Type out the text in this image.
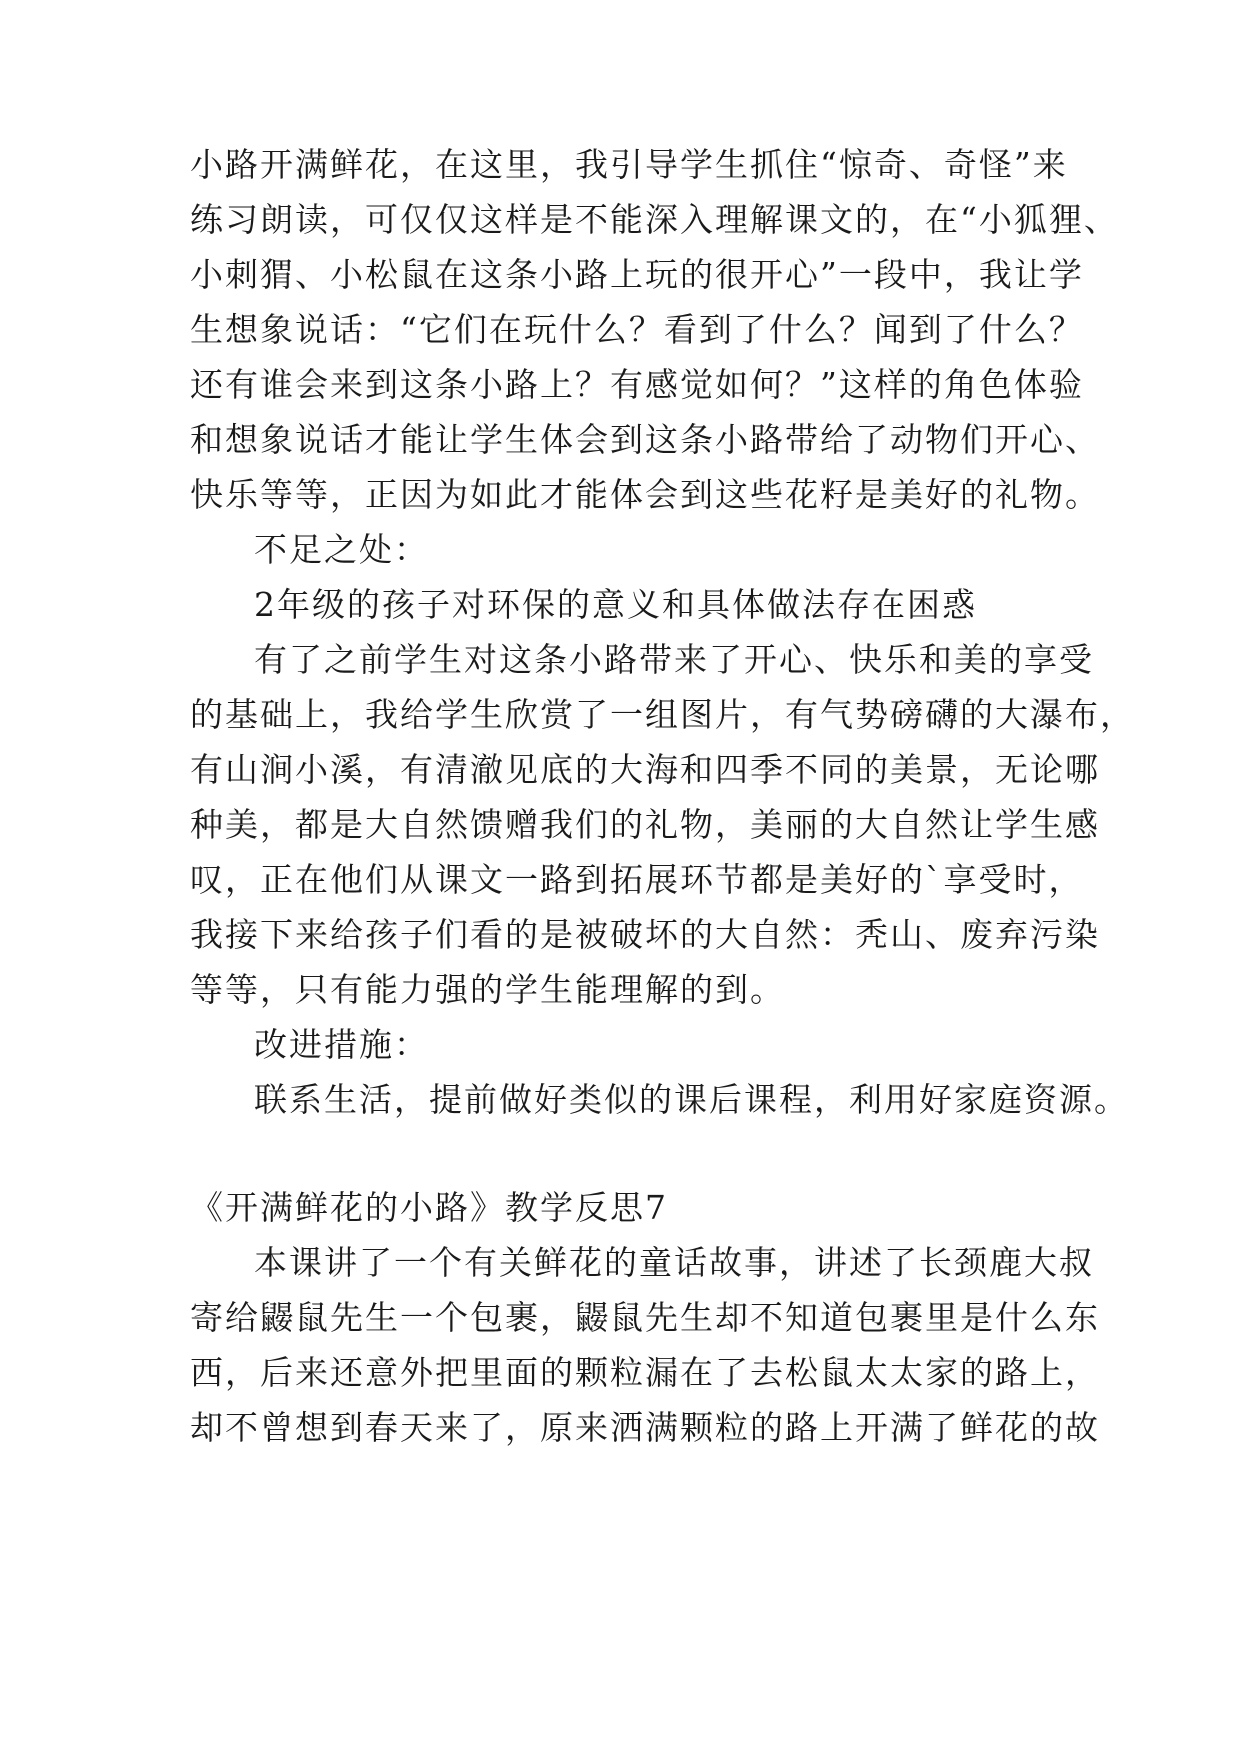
小路开满鲜花，在这里，我引导学生抓住“惊奇、奇怪”来

练习朗读，可仅仅这样是不能深入理解课文的，在“小狐狸、

小刺猬、小松鼠在这条小路上玩的很开心”一段中，我让学

生想象说话：“它们在玩什么？看到了什么？闻到了什么？

还有谁会来到这条小路上？有感觉如何？”这样的角色体验

和想象说话才能让学生体会到这条小路带给了动物们开心、

快乐等等，正因为如此才能体会到这些花籽是美好的礼物。

不足之处：

2年级的孩子对环保的意义和具体做法存在困惑

有了之前学生对这条小路带来了开心、快乐和美的享受

的基础上，我给学生欣赏了一组图片，有气势磅礴的大瀑布，

有山涧小溪，有清澈见底的大海和四季不同的美景，无论哪

种美，都是大自然馈赠我们的礼物，美丽的大自然让学生感

叹，正在他们从课文一路到拓展环节都是美好的`享受时，

我接下来给孩子们看的是被破坏的大自然：秃山、废弃污染

等等，只有能力强的学生能理解的到。

改进措施：

联系生活，提前做好类似的课后课程，利用好家庭资源。

《开满鲜花的小路》教学反思7

本课讲了一个有关鲜花的童话故事，讲述了长颈鹿大叔

寄给鼹鼠先生一个包裹，鼹鼠先生却不知道包裹里是什么东

西，后来还意外把里面的颗粒漏在了去松鼠太太家的路上，

却不曾想到春天来了，原来洒满颗粒的路上开满了鲜花的故
